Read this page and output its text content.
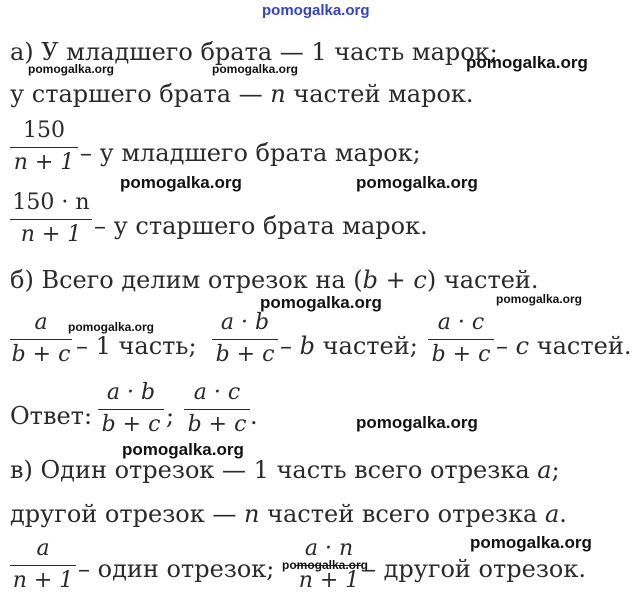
pomogalka.org
а) У младшего брата — 1 часть марок;
у старшего брата — n частей марок.
150
n + 1 – у младшего брата марок;
150 · n
n + 1 – у старшего брата марок.
б) Всего делим отрезок на (b + c) частей.
a
b + c – 1 часть;
a · b
b + c – b частей;
a · c
b + c – c частей.
Ответ:
a · b
b + c ;
a · c
b + c .
в) Один отрезок — 1 часть всего отрезка a;
другой отрезок — n частей всего отрезка a.
a
n + 1 – один отрезок;
a · n
n + 1 – другой отрезок.
pomogalka.org	pomogalka.org	pomogalka.org
pomogalka.org	pomogalka.org
pomogalka.org	pomogalka.org
pomogalka.org
pomogalka.org
pomogalka.org
pomogalka.org
pomogalka.org
